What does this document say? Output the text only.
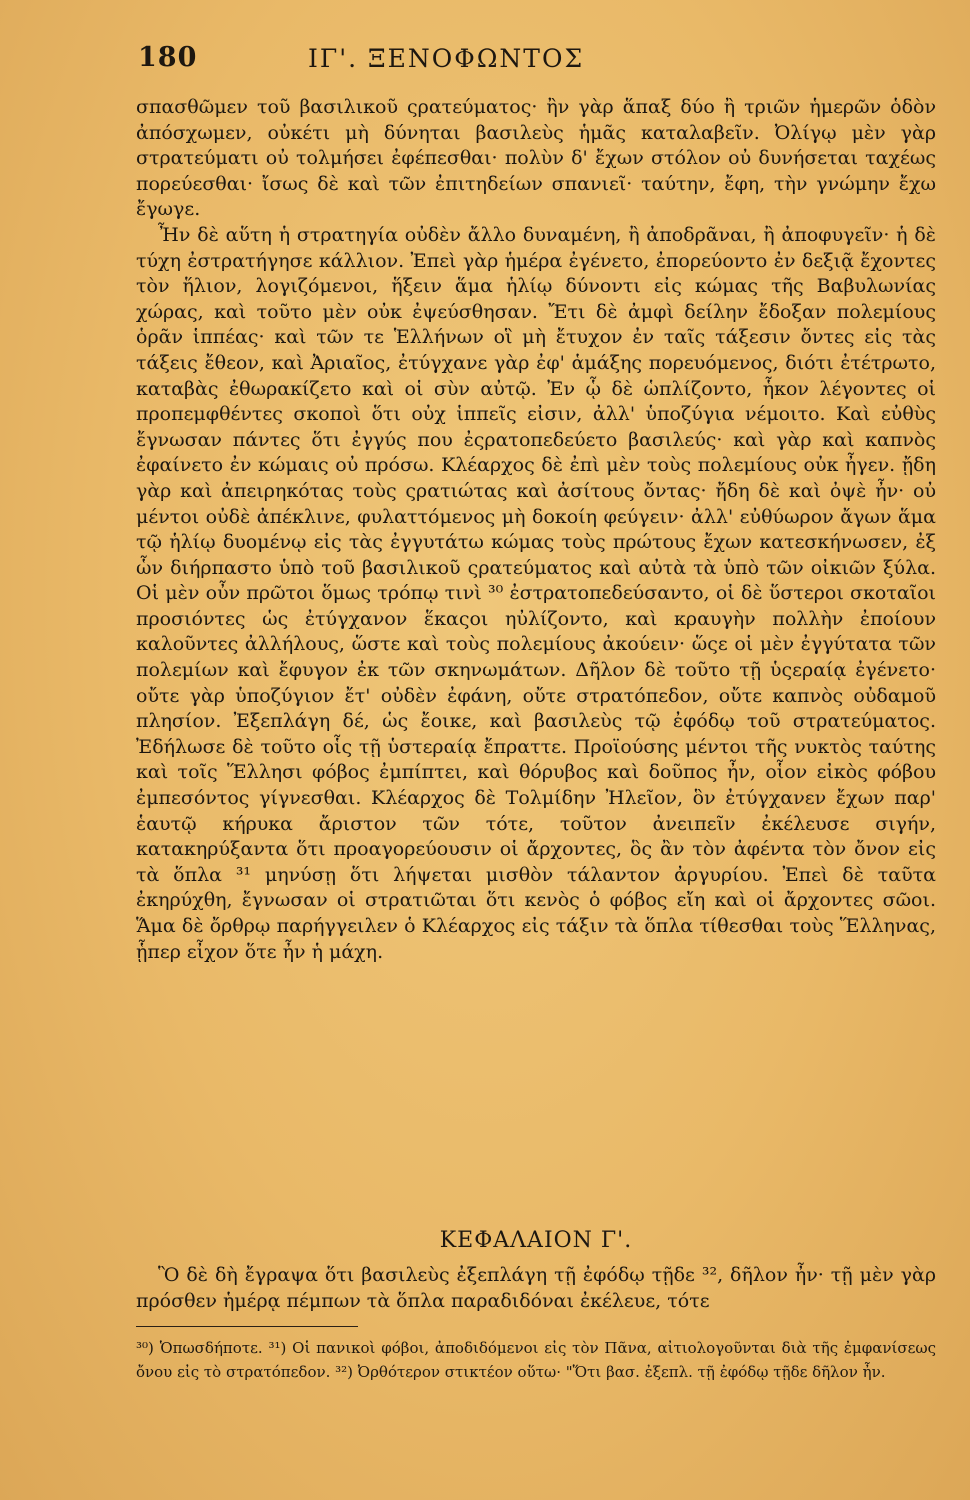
180	ΙΓ'. ΞΕΝΟΦΩΝΤΟΣ

σπασθῶμεν τοῦ βασιλικοῦ ςρατεύματος· ἢν γὰρ ἅπαξ δύο ἢ τριῶν ἡμερῶν ὁδὸν ἀπόσχωμεν, οὐκέτι μὴ δύνηται βασιλεὺς ἡμᾶς καταλαβεῖν. Ὀλίγῳ μὲν γὰρ στρατεύματι οὐ τολμήσει ἐφέπεσθαι· πολὺν δ' ἔχων στόλον οὐ δυνήσεται ταχέως πορεύεσθαι· ἴσως δὲ καὶ τῶν ἐπιτηδείων σπανιεῖ· ταύτην, ἔφη, τὴν γνώμην ἔχω ἔγωγε.

Ἦν δὲ αὕτη ἡ στρατηγία οὐδὲν ἄλλο δυναμένη, ἢ ἀποδρᾶναι, ἢ ἀποφυγεῖν· ἡ δὲ τύχη ἐστρατήγησε κάλλιον. Ἐπεὶ γὰρ ἡμέρα ἐγένετο, ἐπορεύοντο ἐν δεξιᾷ ἔχοντες τὸν ἥλιον, λογιζόμενοι, ἥξειν ἅμα ἡλίῳ δύνοντι εἰς κώμας τῆς Βαβυλωνίας χώρας, καὶ τοῦτο μὲν οὐκ ἐψεύσθησαν. Ἔτι δὲ ἀμφὶ δείλην ἔδοξαν πολεμίους ὁρᾶν ἱππέας· καὶ τῶν τε Ἑλλήνων οἳ μὴ ἔτυχον ἐν ταῖς τάξεσιν ὄντες εἰς τὰς τάξεις ἔθεον, καὶ Ἀριαῖος, ἐτύγχανε γὰρ ἐφ' ἁμάξης πορευόμενος, διότι ἐτέτρωτο, καταβὰς ἐθωρακίζετο καὶ οἱ σὺν αὐτῷ. Ἐν ᾧ δὲ ὡπλίζοντο, ἧκον λέγοντες οἱ προπεμφθέντες σκοποὶ ὅτι οὐχ ἱππεῖς εἰσιν, ἀλλ' ὑποζύγια νέμοιτο. Καὶ εὐθὺς ἔγνωσαν πάντες ὅτι ἐγγύς που ἐςρατοπεδεύετο βασιλεύς· καὶ γὰρ καὶ καπνὸς ἐφαίνετο ἐν κώμαις οὐ πρόσω. Κλέαρχος δὲ ἐπὶ μὲν τοὺς πολεμίους οὐκ ἦγεν. ᾔδη γὰρ καὶ ἀπειρηκότας τοὺς ςρατιώτας καὶ ἀσίτους ὄντας· ἤδη δὲ καὶ ὀψὲ ἦν· οὐ μέντοι οὐδὲ ἀπέκλινε, φυλαττόμενος μὴ δοκοίη φεύγειν· ἀλλ' εὐθύωρον ἄγων ἅμα τῷ ἡλίῳ δυομένῳ εἰς τὰς ἐγγυτάτω κώμας τοὺς πρώτους ἔχων κατεσκήνωσεν, ἐξ ὧν διήρπαστο ὑπὸ τοῦ βασιλικοῦ ςρατεύματος καὶ αὐτὰ τὰ ὑπὸ τῶν οἰκιῶν ξύλα. Οἱ μὲν οὖν πρῶτοι ὅμως τρόπῳ τινὶ ³⁰ ἐστρατοπεδεύσαντο, οἱ δὲ ὕστεροι σκοταῖοι προσιόντες ὡς ἐτύγχανον ἕκαςοι ηὐλίζοντο, καὶ κραυγὴν πολλὴν ἐποίουν καλοῦντες ἀλλήλους, ὥστε καὶ τοὺς πολεμίους ἀκούειν· ὥςε οἱ μὲν ἐγγύτατα τῶν πολεμίων καὶ ἔφυγον ἐκ τῶν σκηνωμάτων. Δῆλον δὲ τοῦτο τῇ ὑςεραίᾳ ἐγένετο· οὔτε γὰρ ὑποζύγιον ἔτ' οὐδὲν ἐφάνη, οὔτε στρατόπεδον, οὔτε καπνὸς οὐδαμοῦ πλησίον. Ἐξεπλάγη δέ, ὡς ἔοικε, καὶ βασιλεὺς τῷ ἐφόδῳ τοῦ στρατεύματος. Ἐδήλωσε δὲ τοῦτο οἷς τῇ ὑστεραίᾳ ἔπραττε. Προϊούσης μέντοι τῆς νυκτὸς ταύτης καὶ τοῖς Ἕλλησι φόβος ἐμπίπτει, καὶ θόρυβος καὶ δοῦπος ἦν, οἷον εἰκὸς φόβου ἐμπεσόντος γίγνεσθαι. Κλέαρχος δὲ Τολμίδην Ἠλεῖον, ὃν ἐτύγχανεν ἔχων παρ' ἑαυτῷ κήρυκα ἄριστον τῶν τότε, τοῦτον ἀνειπεῖν ἐκέλευσε σιγήν, κατακηρύξαντα ὅτι προαγορεύουσιν οἱ ἄρχοντες, ὃς ἂν τὸν ἀφέντα τὸν ὄνον εἰς τὰ ὅπλα ³¹ μηνύσῃ ὅτι λήψεται μισθὸν τάλαντον ἀργυρίου. Ἐπεὶ δὲ ταῦτα ἐκηρύχθη, ἔγνωσαν οἱ στρατιῶται ὅτι κενὸς ὁ φόβος εἴη καὶ οἱ ἄρχοντες σῶοι. Ἅμα δὲ ὄρθρῳ παρήγγειλεν ὁ Κλέαρχος εἰς τάξιν τὰ ὅπλα τίθεσθαι τοὺς Ἕλληνας, ᾗπερ εἶχον ὅτε ἦν ἡ μάχη.

ΚΕΦΑΛΑΙΟΝ Γ'.
Ὃ δὲ δὴ ἔγραψα ὅτι βασιλεὺς ἐξεπλάγη τῇ ἐφόδῳ τῇδε ³², δῆλον ἦν· τῇ μὲν γὰρ πρόσθεν ἡμέρᾳ πέμπων τὰ ὅπλα παραδιδόναι ἐκέλευε, τότε

³⁰) Ὁπωσδήποτε. ³¹) Οἱ πανικοὶ φόβοι, ἀποδιδόμενοι εἰς τὸν Πᾶνα, αἰτιολογοῦνται διὰ τῆς ἐμφανίσεως ὄνου εἰς τὸ στρατόπεδον. ³²) Ὀρθότερον στικτέον οὕτω· "Ὅτι βασ. ἐξεπλ. τῇ ἐφόδῳ τῇδε δῆλον ἦν.
